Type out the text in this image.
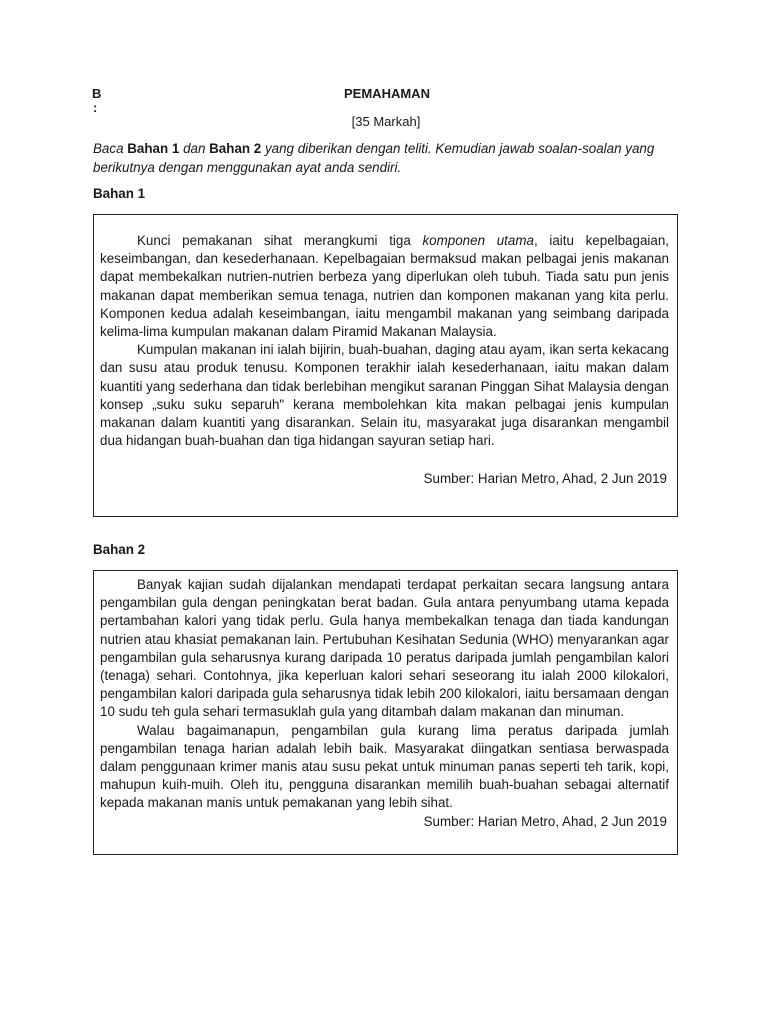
B
:
PEMAHAMAN
[35 Markah]
Baca Bahan 1 dan Bahan 2 yang diberikan dengan teliti. Kemudian jawab soalan-soalan yang berikutnya dengan menggunakan ayat anda sendiri.
Bahan 1

Kunci pemakanan sihat merangkumi tiga komponen utama, iaitu kepelbagaian, keseimbangan, dan kesederhanaan. Kepelbagaian bermaksud makan pelbagai jenis makanan dapat membekalkan nutrien-nutrien berbeza yang diperlukan oleh tubuh. Tiada satu pun jenis makanan dapat memberikan semua tenaga, nutrien dan komponen makanan yang kita perlu. Komponen kedua adalah keseimbangan, iaitu mengambil makanan yang seimbang daripada kelima-lima kumpulan makanan dalam Piramid Makanan Malaysia.

Kumpulan makanan ini ialah bijirin, buah-buahan, daging atau ayam, ikan serta kekacang dan susu atau produk tenusu. Komponen terakhir ialah kesederhanaan, iaitu makan dalam kuantiti yang sederhana dan tidak berlebihan mengikut saranan Pinggan Sihat Malaysia dengan konsep „suku suku separuh" kerana membolehkan kita makan pelbagai jenis kumpulan makanan dalam kuantiti yang disarankan. Selain itu, masyarakat juga disarankan mengambil dua hidangan buah-buahan dan tiga hidangan sayuran setiap hari.

Sumber: Harian Metro, Ahad, 2 Jun 2019
Bahan 2

Banyak kajian sudah dijalankan mendapati terdapat perkaitan secara langsung antara pengambilan gula dengan peningkatan berat badan. Gula antara penyumbang utama kepada pertambahan kalori yang tidak perlu. Gula hanya membekalkan tenaga dan tiada kandungan nutrien atau khasiat pemakanan lain. Pertubuhan Kesihatan Sedunia (WHO) menyarankan agar pengambilan gula seharusnya kurang daripada 10 peratus daripada jumlah pengambilan kalori (tenaga) sehari. Contohnya, jika keperluan kalori sehari seseorang itu ialah 2000 kilokalori, pengambilan kalori daripada gula seharusnya tidak lebih 200 kilokalori, iaitu bersamaan dengan 10 sudu teh gula sehari termasuklah gula yang ditambah dalam makanan dan minuman.

Walau bagaimanapun, pengambilan gula kurang lima peratus daripada jumlah pengambilan tenaga harian adalah lebih baik. Masyarakat diingatkan sentiasa berwaspada dalam penggunaan krimer manis atau susu pekat untuk minuman panas seperti teh tarik, kopi, mahupun kuih-muih. Oleh itu, pengguna disarankan memilih buah-buahan sebagai alternatif kepada makanan manis untuk pemakanan yang lebih sihat.

Sumber: Harian Metro, Ahad, 2 Jun 2019
